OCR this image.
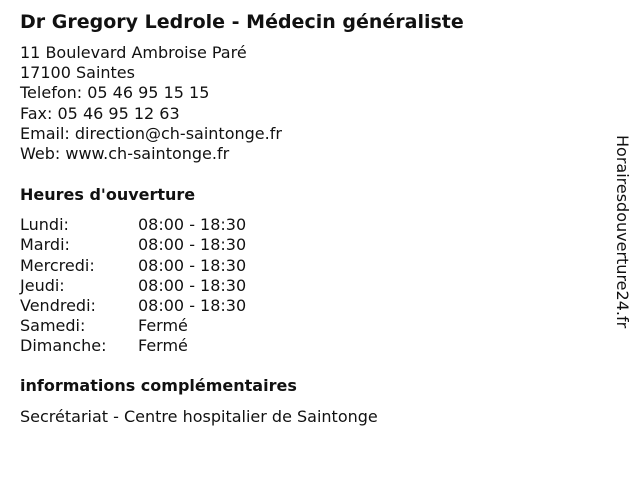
Dr Gregory Ledrole - Médecin généraliste
11 Boulevard Ambroise Paré
17100 Saintes
Telefon: 05 46 95 15 15
Fax: 05 46 95 12 63
Email: direction@ch-saintonge.fr
Web: www.ch-saintonge.fr
Heures d'ouverture
Lundi:	08:00 - 18:30
Mardi:	08:00 - 18:30
Mercredi:	08:00 - 18:30
Jeudi:	08:00 - 18:30
Vendredi:	08:00 - 18:30
Samedi:	Fermé
Dimanche:	Fermé
informations complémentaires
Secrétariat - Centre hospitalier de Saintonge
Horairesdouverture24.fr
